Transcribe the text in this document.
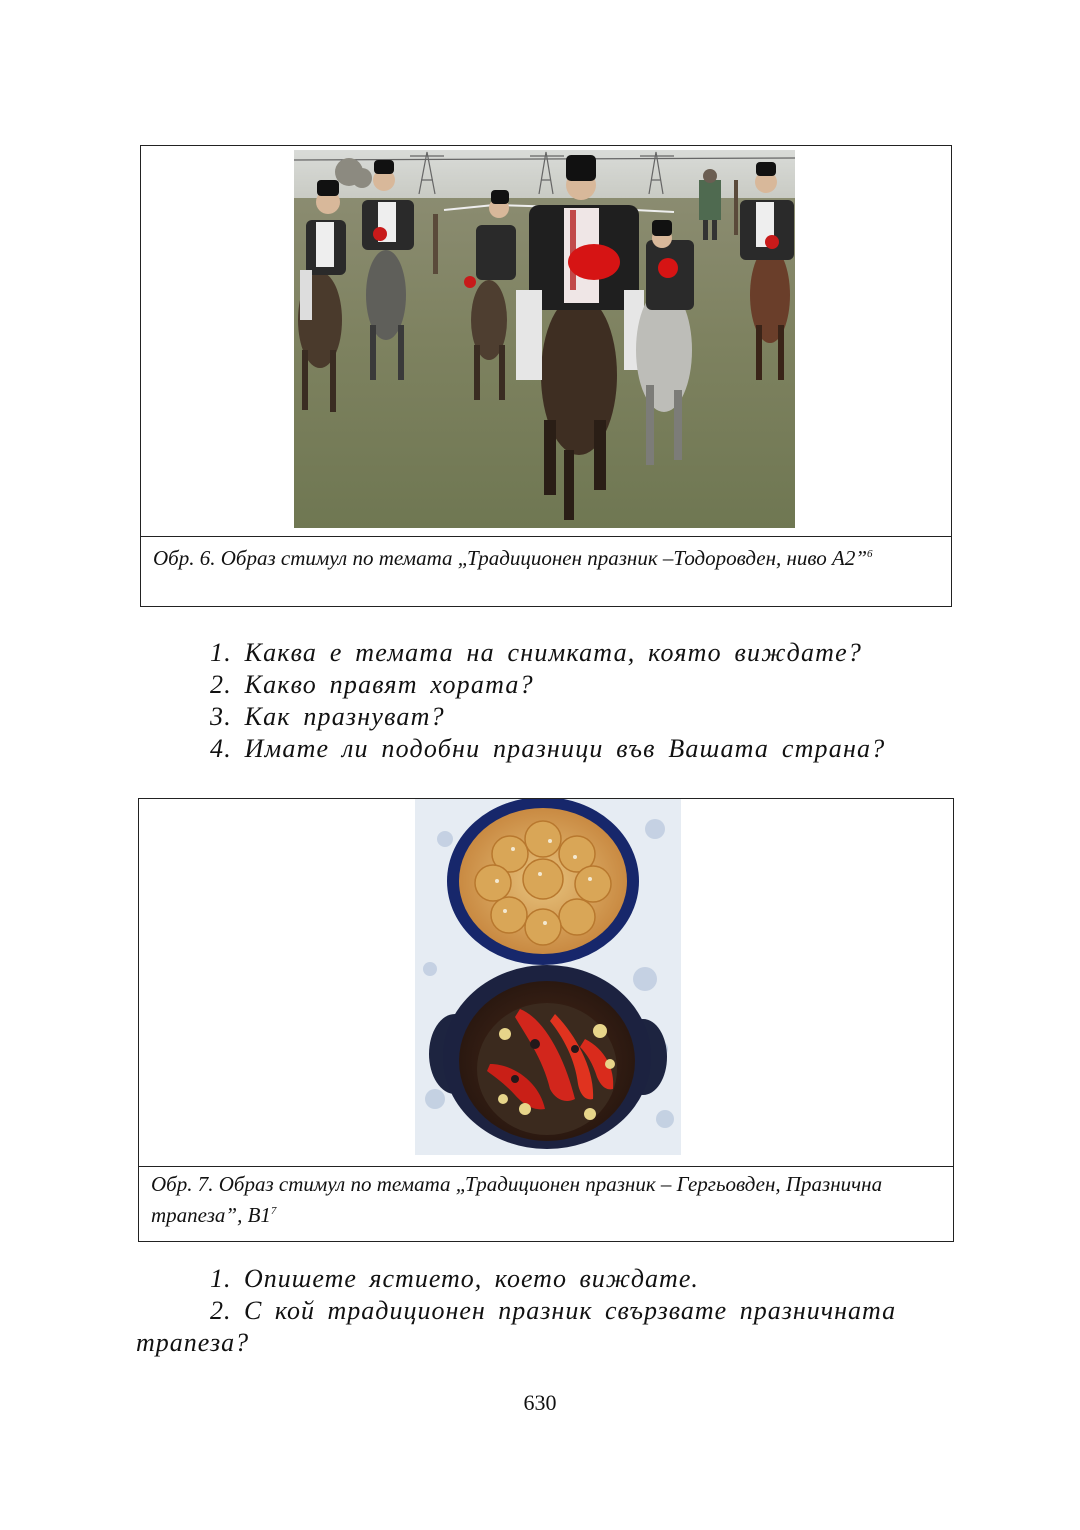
Обр. 6. Образ стимул по темата „Традиционен празник –Тодоровден, ниво А2”$^6$
1. Каква е темата на снимката, която виждате?
2. Какво правят хората?
3. Как празнуват?
4. Имате ли подобни празници във Вашата страна?
Обр. 7. Образ стимул по темата „Традиционен празник – Гергьовден, Празнична трапеза”, $В1^7$

1. Опишете ястието, което виждате.

2. С кой традиционен празник свързвате празничната трапеза?

630
